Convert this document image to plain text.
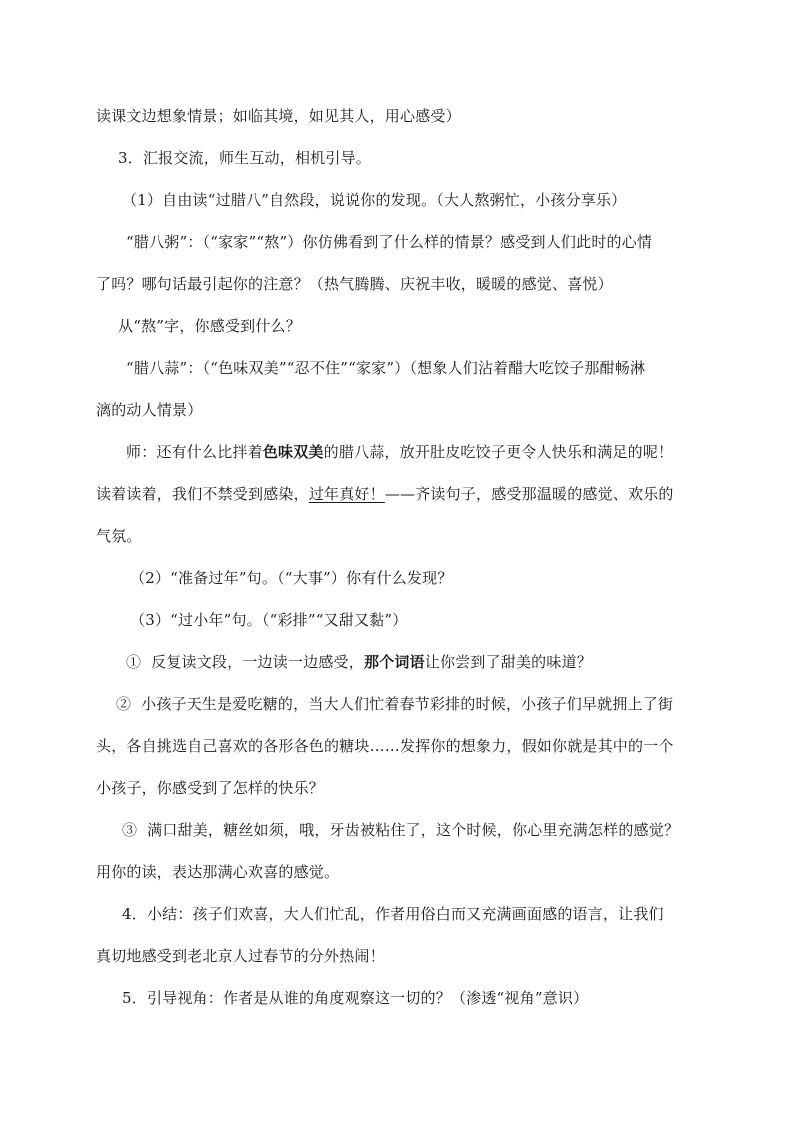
读课文边想象情景；如临其境，如见其人，用心感受）
3．汇报交流，师生互动，相机引导。
（1）自由读“过腊八”自然段，说说你的发现。（大人熬粥忙，小孩分享乐）
“腊八粥”：（“家家”“熬”）你仿佛看到了什么样的情景？感受到人们此时的心情
了吗？哪句话最引起你的注意？（热气腾腾、庆祝丰收，暖暖的感觉、喜悦）
从“熬”字，你感受到什么？
“腊八蒜”：（“色味双美”“忍不住”“家家”）（想象人们沾着醋大吃饺子那酣畅淋
漓的动人情景）
师：还有什么比拌着色味双美的腊八蒜，放开肚皮吃饺子更令人快乐和满足的呢！
读着读着，我们不禁受到感染，过年真好！——齐读句子，感受那温暖的感觉、欢乐的
气氛。
（2）“准备过年”句。（“大事”）你有什么发现？
（3）“过小年”句。（“彩排”“又甜又黏”）
①  反复读文段，一边读一边感受，那个词语让你尝到了甜美的味道？
②  小孩子天生是爱吃糖的，当大人们忙着春节彩排的时候，小孩子们早就拥上了街
头，各自挑选自己喜欢的各形各色的糖块……发挥你的想象力，假如你就是其中的一个
小孩子，你感受到了怎样的快乐？
③  满口甜美，糖丝如须，哦，牙齿被粘住了，这个时候，你心里充满怎样的感觉？
用你的读，表达那满心欢喜的感觉。
4．小结：孩子们欢喜，大人们忙乱，作者用俗白而又充满画面感的语言，让我们
真切地感受到老北京人过春节的分外热闹！
5．引导视角：作者是从谁的角度观察这一切的？（渗透“视角”意识）
